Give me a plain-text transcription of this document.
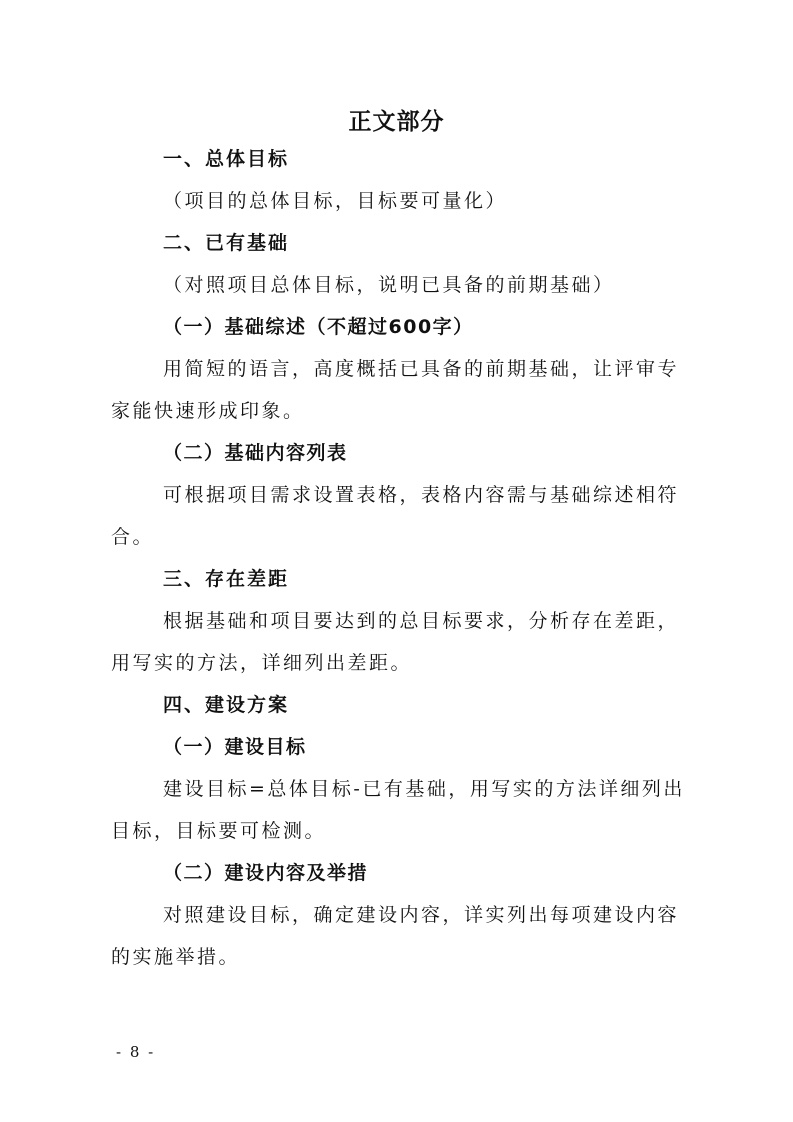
正文部分
一、总体目标
（项目的总体目标，目标要可量化）
二、已有基础
（对照项目总体目标，说明已具备的前期基础）
（一）基础综述（不超过600字）
用简短的语言，高度概括已具备的前期基础，让评审专
家能快速形成印象。
（二）基础内容列表
可根据项目需求设置表格，表格内容需与基础综述相符
合。
三、存在差距
根据基础和项目要达到的总目标要求，分析存在差距，
用写实的方法，详细列出差距。
四、建设方案
（一）建设目标
建设目标=总体目标-已有基础，用写实的方法详细列出
目标，目标要可检测。
（二）建设内容及举措
对照建设目标，确定建设内容，详实列出每项建设内容
的实施举措。
- 8 -
